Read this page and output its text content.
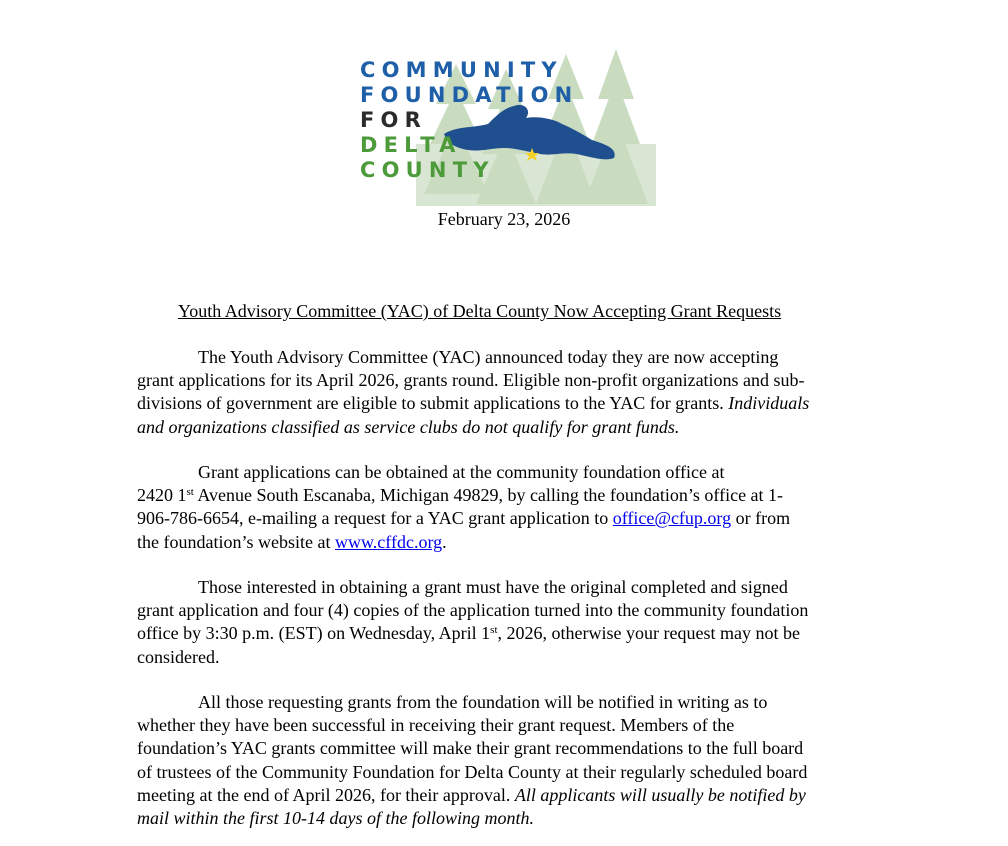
COMMUNITY
FOUNDATION
FOR
DELTA
COUNTY
February 23, 2026
Youth Advisory Committee (YAC) of Delta County Now Accepting Grant Requests
The Youth Advisory Committee (YAC) announced today they are now accepting
grant applications for its April 2026, grants round. Eligible non-profit organizations and sub-
divisions of government are eligible to submit applications to the YAC for grants. Individuals
and organizations classified as service clubs do not qualify for grant funds.
Grant applications can be obtained at the community foundation office at
2420 1st Avenue South Escanaba, Michigan 49829, by calling the foundation’s office at 1-
906-786-6654, e-mailing a request for a YAC grant application to office@cfup.org or from
the foundation’s website at www.cffdc.org.
Those interested in obtaining a grant must have the original completed and signed
grant application and four (4) copies of the application turned into the community foundation
office by 3:30 p.m. (EST) on Wednesday, April 1st, 2026, otherwise your request may not be
considered.
All those requesting grants from the foundation will be notified in writing as to
whether they have been successful in receiving their grant request. Members of the
foundation’s YAC grants committee will make their grant recommendations to the full board
of trustees of the Community Foundation for Delta County at their regularly scheduled board
meeting at the end of April 2026, for their approval. All applicants will usually be notified by
mail within the first 10-14 days of the following month.
